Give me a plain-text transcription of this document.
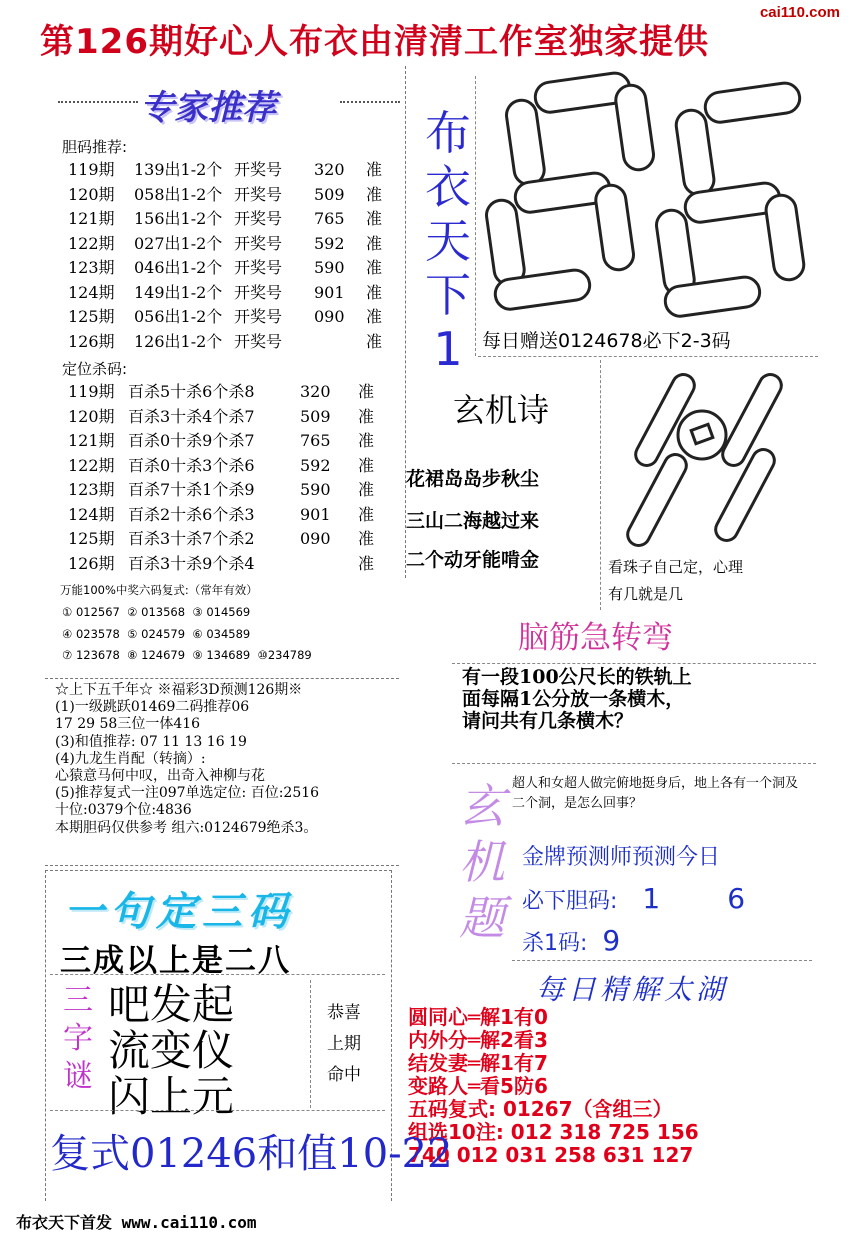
cai110.com
第126期好心人布衣由清清工作室独家提供
专家推荐
胆码推荐:
119期	139出1-2个 开奖号	320	准
120期	058出1-2个 开奖号	509	准
121期	156出1-2个 开奖号	765	准
122期	027出1-2个 开奖号	592	准
123期	046出1-2个 开奖号	590	准
124期	149出1-2个 开奖号	901	准
125期	056出1-2个 开奖号	090	准
126期	126出1-2个 开奖号	准
定位杀码:
119期 百杀5十杀6个杀8	320	准
120期 百杀3十杀4个杀7	509	准
121期 百杀0十杀9个杀7	765	准
122期 百杀0十杀3个杀6	592	准
123期 百杀7十杀1个杀9	590	准
124期 百杀2十杀6个杀3	901	准
125期 百杀3十杀7个杀2	090	准
126期 百杀3十杀9个杀4	准
万能100%中奖六码复式:（常年有效）
① 012567  ② 013568  ③ 014569
④ 023578  ⑤ 024579  ⑥ 034589
⑦ 123678  ⑧ 124679  ⑨ 134689  ⑩234789
☆上下五千年☆ ※福彩3D预测126期※
(1)一级跳跃01469二码推荐06
17 29 58三位一体416
(3)和值推荐: 07 11 13 16 19
(4)九龙生肖配（转摘）:
心猿意马何中叹，出奇入神柳与花
(5)推荐复式一注097单选定位: 百位:2516
十位:0379个位:4836
本期胆码仅供参考 组六:0124679绝杀3。
布
衣
天
下
1	每日赠送0124678必下2-3码
玄机诗
花裙岛岛步秋尘
三山二海越过来
二个动牙能啃金	看珠子自己定，心理
有几就是几
脑筋急转弯
有一段100公尺长的铁轨上
面每隔1公分放一条横木，
请问共有几条横木？
玄
机
题
超人和女超人做完俯地挺身后，地上各有一个洞及二个洞，是怎么回事？
金牌预测师预测今日
必下胆码: 1 6
杀1码: 9
每日精解太湖
圆同心═解1有0
内外分═解2看3
结发妻═解1有7
变路人═看5防6
五码复式: 01267（含组三）
组选10注: 012 318 725 156
740 012 031 258 631 127
一句定三码
三成以上是二八
三
字
谜
吧发起
流变仪
闪上元
恭喜
上期
命中
复式01246和值10-22
布衣天下首发 www.cai110.com
